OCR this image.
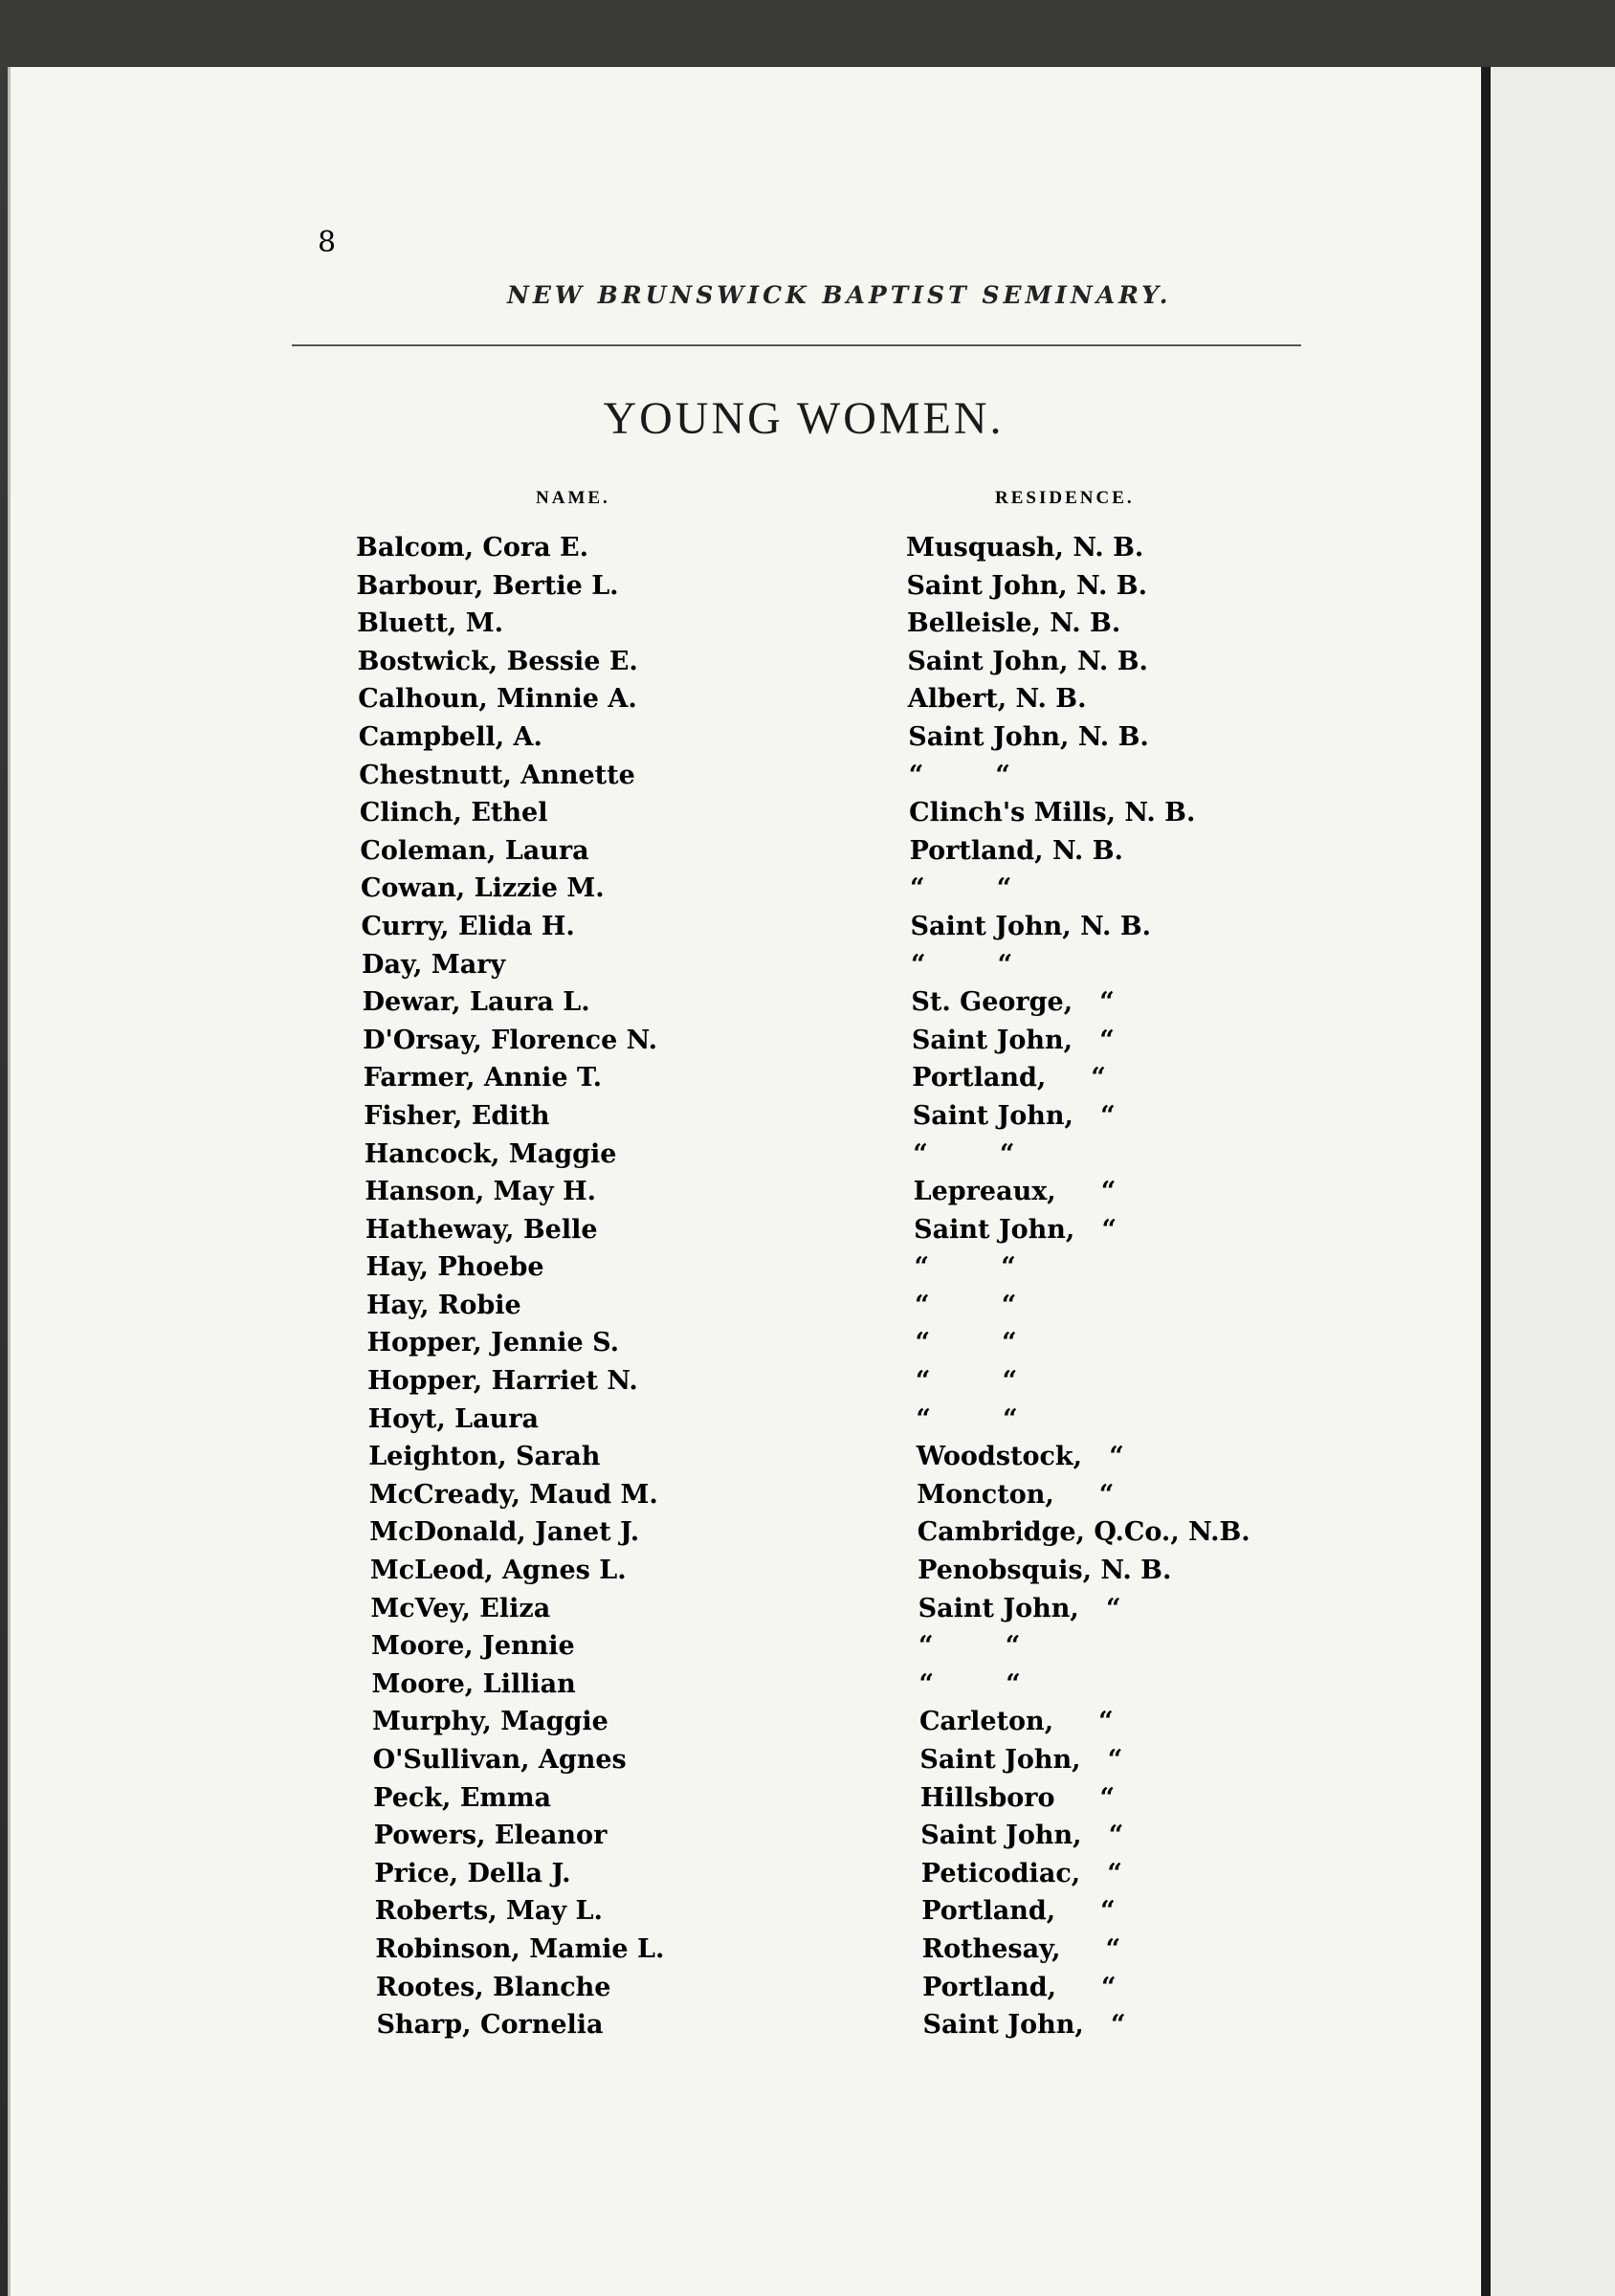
8
NEW BRUNSWICK BAPTIST SEMINARY.
YOUNG WOMEN.
NAME.	RESIDENCE.
Balcom, Cora E.	Musquash, N. B.
Barbour, Bertie L.	Saint John, N. B.
Bluett, M.	Belleisle, N. B.
Bostwick, Bessie E.	Saint John, N. B.
Calhoun, Minnie A.	Albert, N. B.
Campbell, A.	Saint John, N. B.
Chestnutt, Annette	“        “
Clinch, Ethel	Clinch's Mills, N. B.
Coleman, Laura	Portland, N. B.
Cowan, Lizzie M.	“        “
Curry, Elida H.	Saint John, N. B.
Day, Mary	“        “
Dewar, Laura L.	St. George,   “
D'Orsay, Florence N.	Saint John,   “
Farmer, Annie T.	Portland,     “
Fisher, Edith	Saint John,   “
Hancock, Maggie	“        “
Hanson, May H.	Lepreaux,     “
Hatheway, Belle	Saint John,   “
Hay, Phoebe	“        “
Hay, Robie	“        “
Hopper, Jennie S.	“        “
Hopper, Harriet N.	“        “
Hoyt, Laura	“        “
Leighton, Sarah	Woodstock,   “
McCready, Maud M.	Moncton,     “
McDonald, Janet J.	Cambridge, Q.Co., N.B.
McLeod, Agnes L.	Penobsquis, N. B.
McVey, Eliza	Saint John,   “
Moore, Jennie	“        “
Moore, Lillian	“        “
Murphy, Maggie	Carleton,     “
O'Sullivan, Agnes	Saint John,   “
Peck, Emma	Hillsboro     “
Powers, Eleanor	Saint John,   “
Price, Della J.	Peticodiac,   “
Roberts, May L.	Portland,     “
Robinson, Mamie L.	Rothesay,     “
Rootes, Blanche	Portland,     “
Sharp, Cornelia	Saint John,   “
